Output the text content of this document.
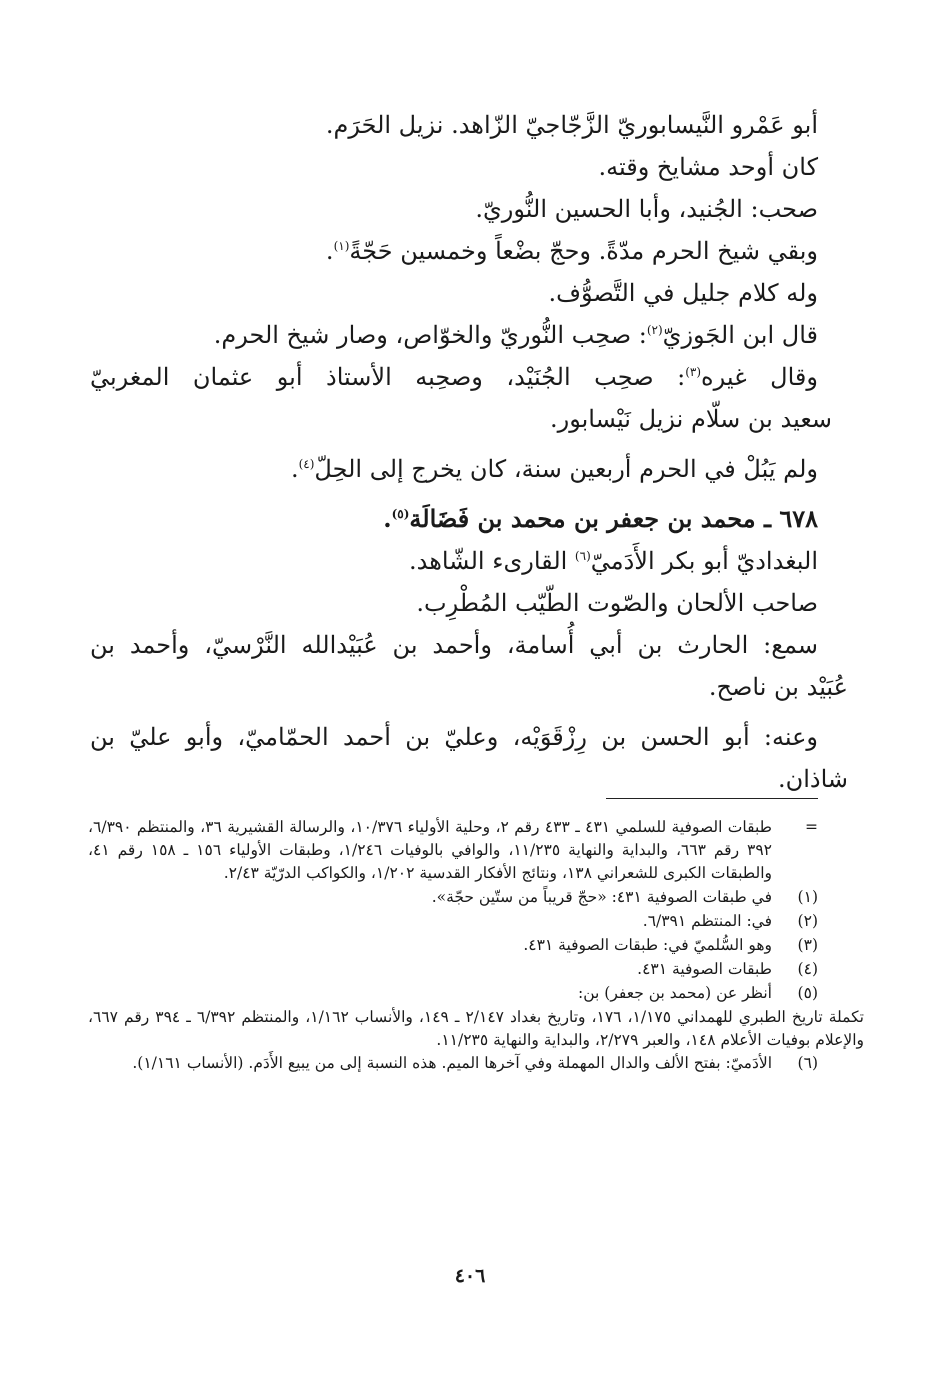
أبو عَمْرو النَّيسابوريّ الزَّجّاجيّ الزّاهد. نزيل الحَرَم.

كان أوحد مشايخ وقته.

صحب: الجُنيد، وأبا الحسين النُّوريّ.

وبقي شيخ الحرم مدّةً. وحجّ بضْعاً وخمسين حَجّةً$^{(١)}$.

وله كلام جليل في التَّصوُّف.

قال ابن الجَوزيّ$^{(٢)}$: صحِب النُّوريّ والخوّاص، وصار شيخ الحرم.

وقال غيره$^{(٣)}$: صحِب الجُنَيْد، وصحِبه الأستاذ أبو عثمان المغربيّ

سعيد بن سلّام نزيل نَيْسابور.

ولم يَبُلْ في الحرم أربعين سنة، كان يخرج إلى الحِلّ$^{(٤)}$.

٦٧٨ ـ محمد بن جعفر بن محمد بن فَضَالَة$^{(٥)}$.

البغداديّ أبو بكر الأَدَميّ$^{(٦)}$ القارىء الشّاهد.

صاحب الألحان والصّوت الطّيّب المُطْرِب.

سمع: الحارث بن أبي أُسامة، وأحمد بن عُبَيْدالله النَّرْسيّ، وأحمد بن

عُبَيْد بن ناصح.

وعنه: أبو الحسن بن رِزْقَوَيْه، وعليّ بن أحمد الحمّاميّ، وأبو عليّ بن

شاذان.

=
طبقات الصوفية للسلمي ٤٣١ ـ ٤٣٣ رقم ٢، وحلية الأولياء ١٠/٣٧٦، والرسالة القشيرية ٣٦، والمنتظم ٦/٣٩٠، ٣٩٢ رقم ٦٦٣، والبداية والنهاية ١١/٢٣٥، والوافي بالوفيات ١/٢٤٦، وطبقات الأولياء ١٥٦ ـ ١٥٨ رقم ٤١، والطبقات الكبرى للشعراني ١٣٨، ونتائج الأفكار القدسية ١/٢٠٢، والكواكب الدرّيّة ٢/٤٣.
(١)
في طبقات الصوفية ٤٣١: «حجّ قريباً من ستّين حجّة».
(٢)
في: المنتظم ٦/٣٩١.
(٣)
وهو السُّلميّ في: طبقات الصوفية ٤٣١.
(٤)
طبقات الصوفية ٤٣١.
(٥)
أنظر عن (محمد بن جعفر) بن:
تكملة تاريخ الطبري للهمداني ١/١٧٥، ١٧٦، وتاريخ بغداد ٢/١٤٧ ـ ١٤٩، والأنساب ١/١٦٢، والمنتظم ٦/٣٩٢ ـ ٣٩٤ رقم ٦٦٧، والإعلام بوفيات الأعلام ١٤٨، والعبر ٢/٢٧٩، والبداية والنهاية ١١/٢٣٥.
(٦)
الأدَميّ: بفتح الألف والدال المهملة وفي آخرها الميم. هذه النسبة إلى من يبيع الأَدَم. (الأنساب ١/١٦١).
٤٠٦
